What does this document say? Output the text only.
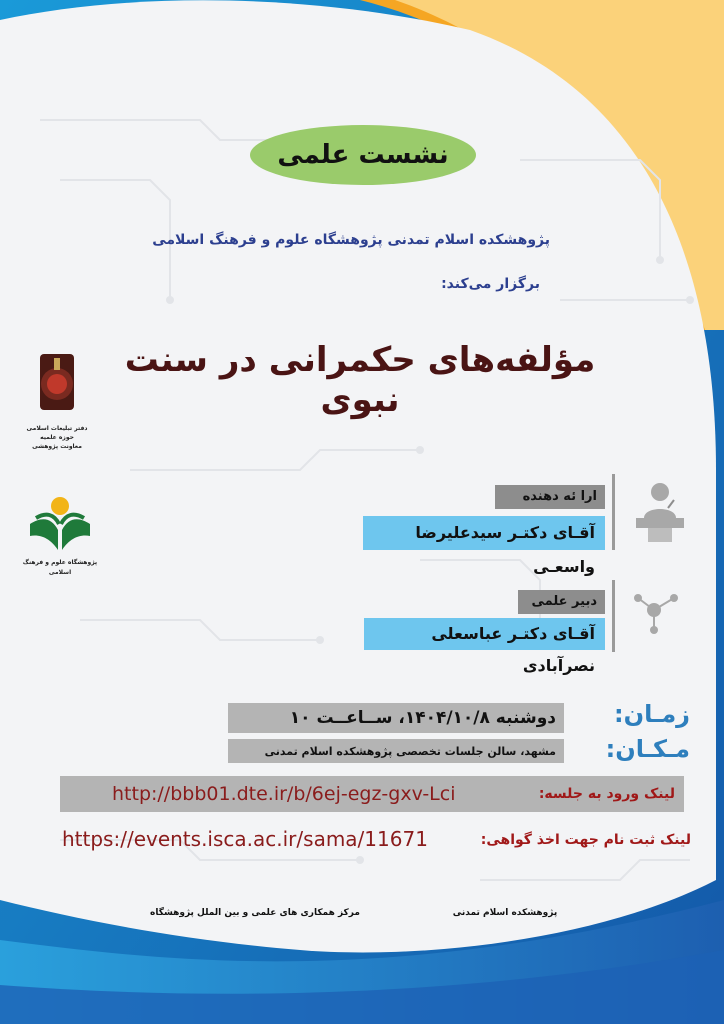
نشست علمی
پژوهشکده اسلام تمدنی پژوهشگاه علوم و فرهنگ اسلامی
برگزار می‌کند:
مؤلفه‌های حکمرانی در سنت نبوی
دفتر تبلیغات اسلامی حوزه علمیه
معاونت پژوهشی
پژوهشگاه علوم و فرهنگ اسلامی
ارا ئه دهنده
آقـای دکتـر سیدعلیرضا واسعـی
دبیر علمی
آقـای دکتـر عباسعلی نصرآبادی
دوشنبه ۱۴۰۴/۱۰/۸، ســاعــت ۱۰	زمـان:
مشهد، سالن جلسات تخصصی پژوهشکده اسلام تمدنی	مـکـان:
لینک ورود به جلسه:
http://bbb01.dte.ir/b/6ej-egz-gxv-Lci
لینک ثبت نام جهت اخذ گواهی:
https://events.isca.ac.ir/sama/11671
مرکز همکاری های علمی و بین الملل پژوهشگاه	پژوهشکده اسلام تمدنی
